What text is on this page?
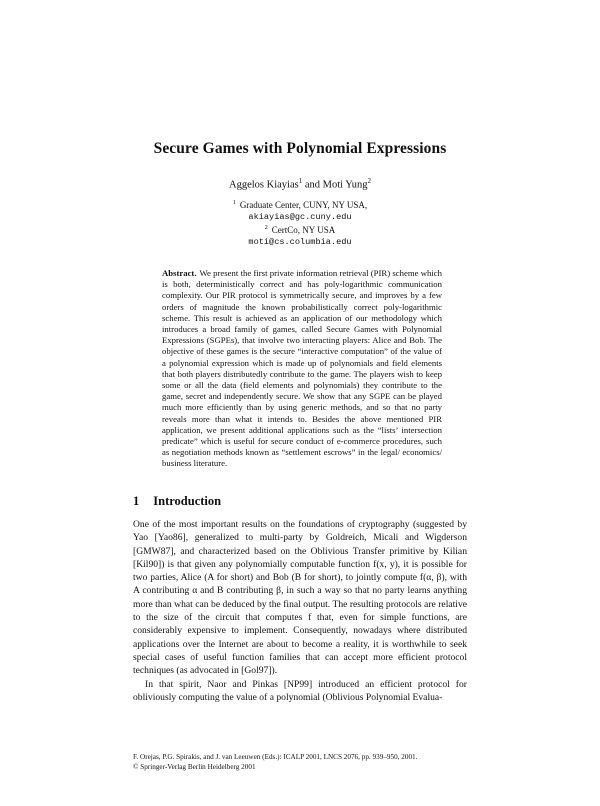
Secure Games with Polynomial Expressions
Aggelos Kiayias$^1$ and Moti Yung$^2$
$^1$ Graduate Center, CUNY, NY USA,
akiayias@gc.cuny.edu
$^2$ CertCo, NY USA
moti@cs.columbia.edu
Abstract. We present the first private information retrieval (PIR) scheme which is both, deterministically correct and has poly-logarithmic communication complexity. Our PIR protocol is symmetrically secure, and improves by a few orders of magnitude the known probabilistically correct poly-logarithmic scheme. This result is achieved as an application of our methodology which introduces a broad family of games, called Secure Games with Polynomial Expressions (SGPEs), that involve two interacting players: Alice and Bob. The objective of these games is the secure “interactive computation” of the value of a polynomial expression which is made up of polynomials and field elements that both players distributedly contribute to the game. The players wish to keep some or all the data (field elements and polynomials) they contribute to the game, secret and independently secure. We show that any SGPE can be played much more efficiently than by using generic methods, and so that no party reveals more than what it intends to. Besides the above mentioned PIR application, we present additional applications such as the “lists’ intersection predicate” which is useful for secure conduct of e-commerce procedures, such as negotiation methods known as “settlement escrows” in the legal/ economics/ business literature.
1 Introduction

One of the most important results on the foundations of cryptography (suggested by Yao [Yao86], generalized to multi-party by Goldreich, Micali and Wigderson [GMW87], and characterized based on the Oblivious Transfer primitive by Kilian [Kil90]) is that given any polynomially computable function f(x, y), it is possible for two parties, Alice (A for short) and Bob (B for short), to jointly compute f(α, β), with A contributing α and B contributing β, in such a way so that no party learns anything more than what can be deduced by the final output. The resulting protocols are relative to the size of the circuit that computes f that, even for simple functions, are considerably expensive to implement. Consequently, nowadays where distributed applications over the Internet are about to become a reality, it is worthwhile to seek special cases of useful function families that can accept more efficient protocol techniques (as advocated in [Gol97]).

In that spirit, Naor and Pinkas [NP99] introduced an efficient protocol for obliviously computing the value of a polynomial (Oblivious Polynomial Evalua-

F. Orejas, P.G. Spirakis, and J. van Leeuwen (Eds.): ICALP 2001, LNCS 2076, pp. 939–950, 2001.
© Springer-Verlag Berlin Heidelberg 2001
